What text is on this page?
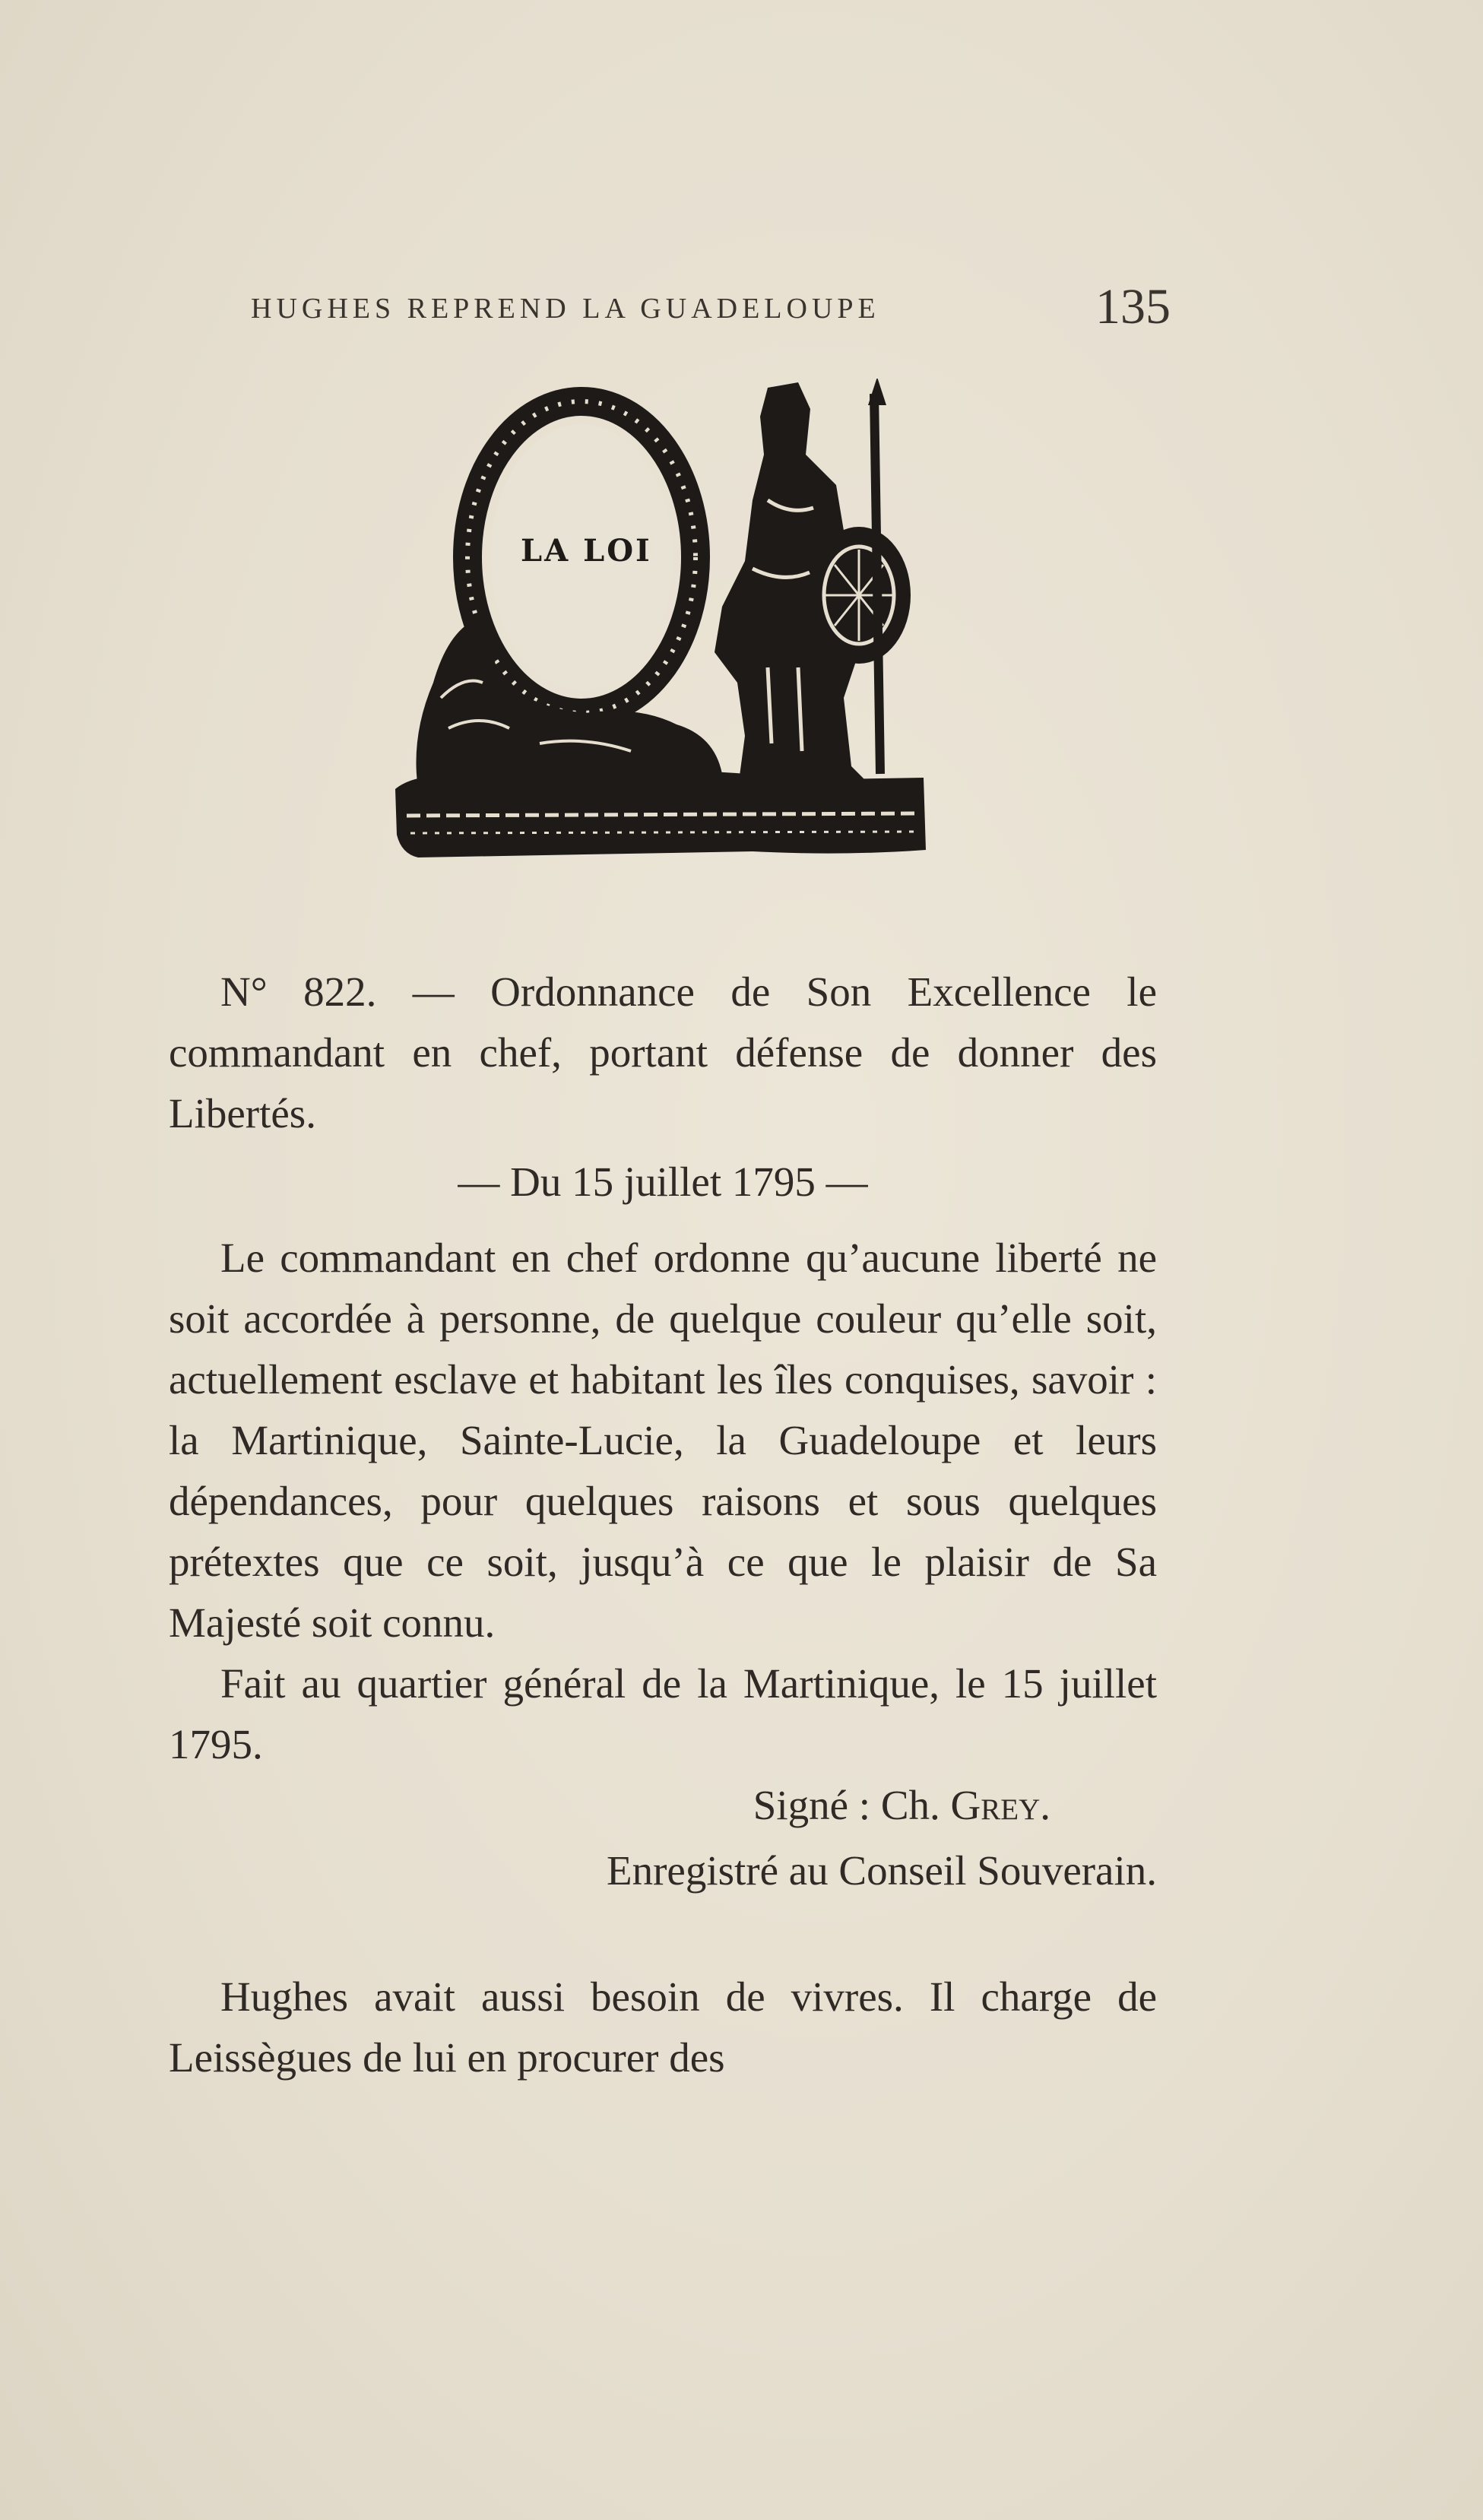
HUGHES REPREND LA GUADELOUPE	135
LA LOI

N° 822. — Ordonnance de Son Excellence le commandant en chef, portant défense de donner des Libertés.

— Du 15 juillet 1795 —

Le commandant en chef ordonne qu’aucune liberté ne soit accordée à personne, de quelque couleur qu’elle soit, actuellement esclave et habitant les îles conquises, savoir : la Martinique, Sainte-Lucie, la Guadeloupe et leurs dépendances, pour quelques raisons et sous quelques prétextes que ce soit, jusqu’à ce que le plaisir de Sa Majesté soit connu.

Fait au quartier général de la Martinique, le 15 juillet 1795.

Signé : Ch. Grey.

Enregistré au Conseil Souverain.

Hughes avait aussi besoin de vivres. Il charge de Leissègues de lui en procurer des
